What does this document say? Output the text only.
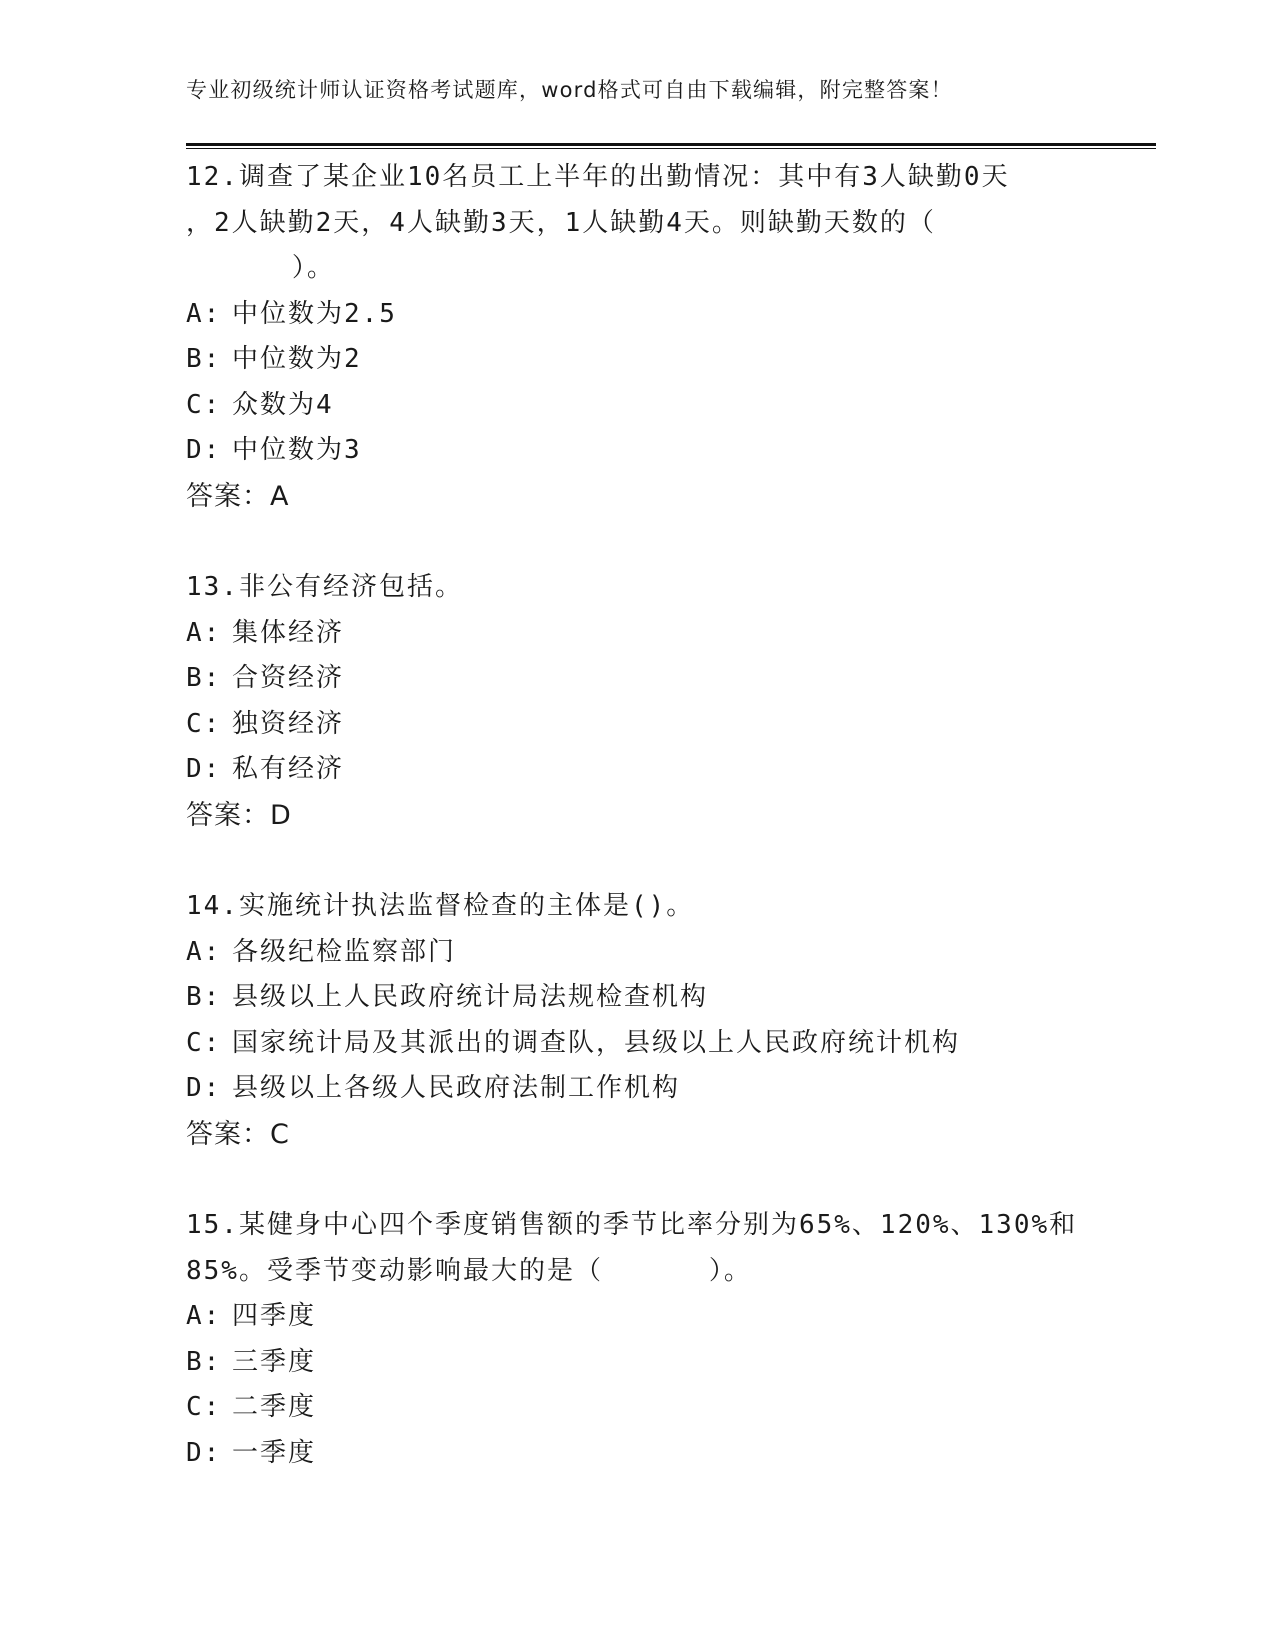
专业初级统计师认证资格考试题库，word格式可自由下载编辑，附完整答案！

12.调查了某企业10名员工上半年的出勤情况：其中有3人缺勤0天
，2人缺勤2天，4人缺勤3天，1人缺勤4天。则缺勤天数的（
）。

A: 中位数为2.5
B: 中位数为2
C: 众数为4
D: 中位数为3
答案：A

13.非公有经济包括。

A: 集体经济
B: 合资经济
C: 独资经济
D: 私有经济
答案：D

14.实施统计执法监督检查的主体是()。

A: 各级纪检监察部门
B: 县级以上人民政府统计局法规检查机构
C: 国家统计局及其派出的调查队，县级以上人民政府统计机构
D: 县级以上各级人民政府法制工作机构
答案：C

15.某健身中心四个季度销售额的季节比率分别为65%、120%、130%和
85%。受季节变动影响最大的是（      ）。

A: 四季度
B: 三季度
C: 二季度
D: 一季度
